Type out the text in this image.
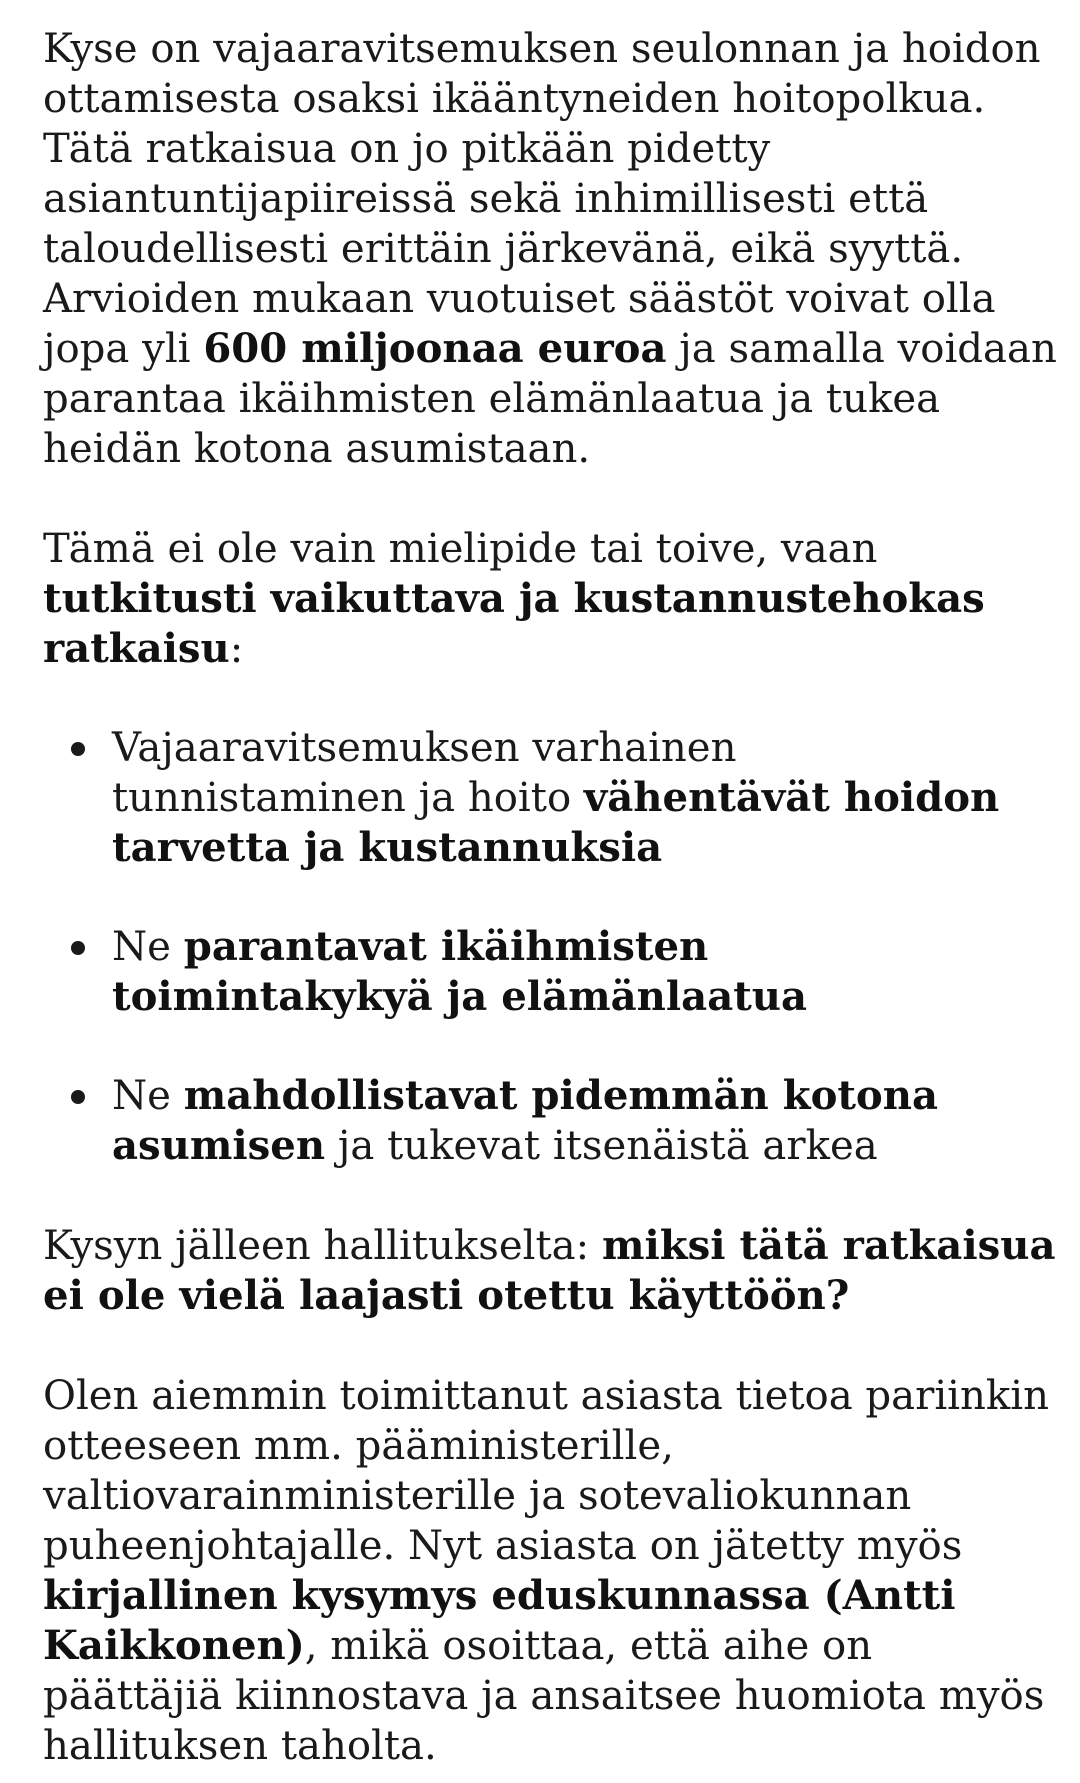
Kyse on vajaaravitsemuksen seulonnan ja hoidon ottamisesta osaksi ikääntyneiden hoitopolkua. Tätä ratkaisua on jo pitkään pidetty asiantuntijapiireissä sekä inhimillisesti että taloudellisesti erittäin järkevänä, eikä syyttä. Arvioiden mukaan vuotuiset säästöt voivat olla jopa yli 600 miljoonaa euroa ja samalla voidaan parantaa ikäihmisten elämänlaatua ja tukea heidän kotona asumistaan.

Tämä ei ole vain mielipide tai toive, vaan tutkitusti vaikuttava ja kustannustehokas ratkaisu:

Vajaaravitsemuksen varhainen tunnistaminen ja hoito vähentävät hoidon tarvetta ja kustannuksia
Ne parantavat ikäihmisten toimintakykyä ja elämänlaatua
Ne mahdollistavat pidemmän kotona asumisen ja tukevat itsenäistä arkea

Kysyn jälleen hallitukselta: miksi tätä ratkaisua ei ole vielä laajasti otettu käyttöön?

Olen aiemmin toimittanut asiasta tietoa pariinkin otteeseen mm. pääministerille, valtiovarainministerille ja sotevaliokunnan puheenjohtajalle. Nyt asiasta on jätetty myös kirjallinen kysymys eduskunnassa (Antti Kaikkonen), mikä osoittaa, että aihe on päättäjiä kiinnostava ja ansaitsee huomiota myös hallituksen taholta.
